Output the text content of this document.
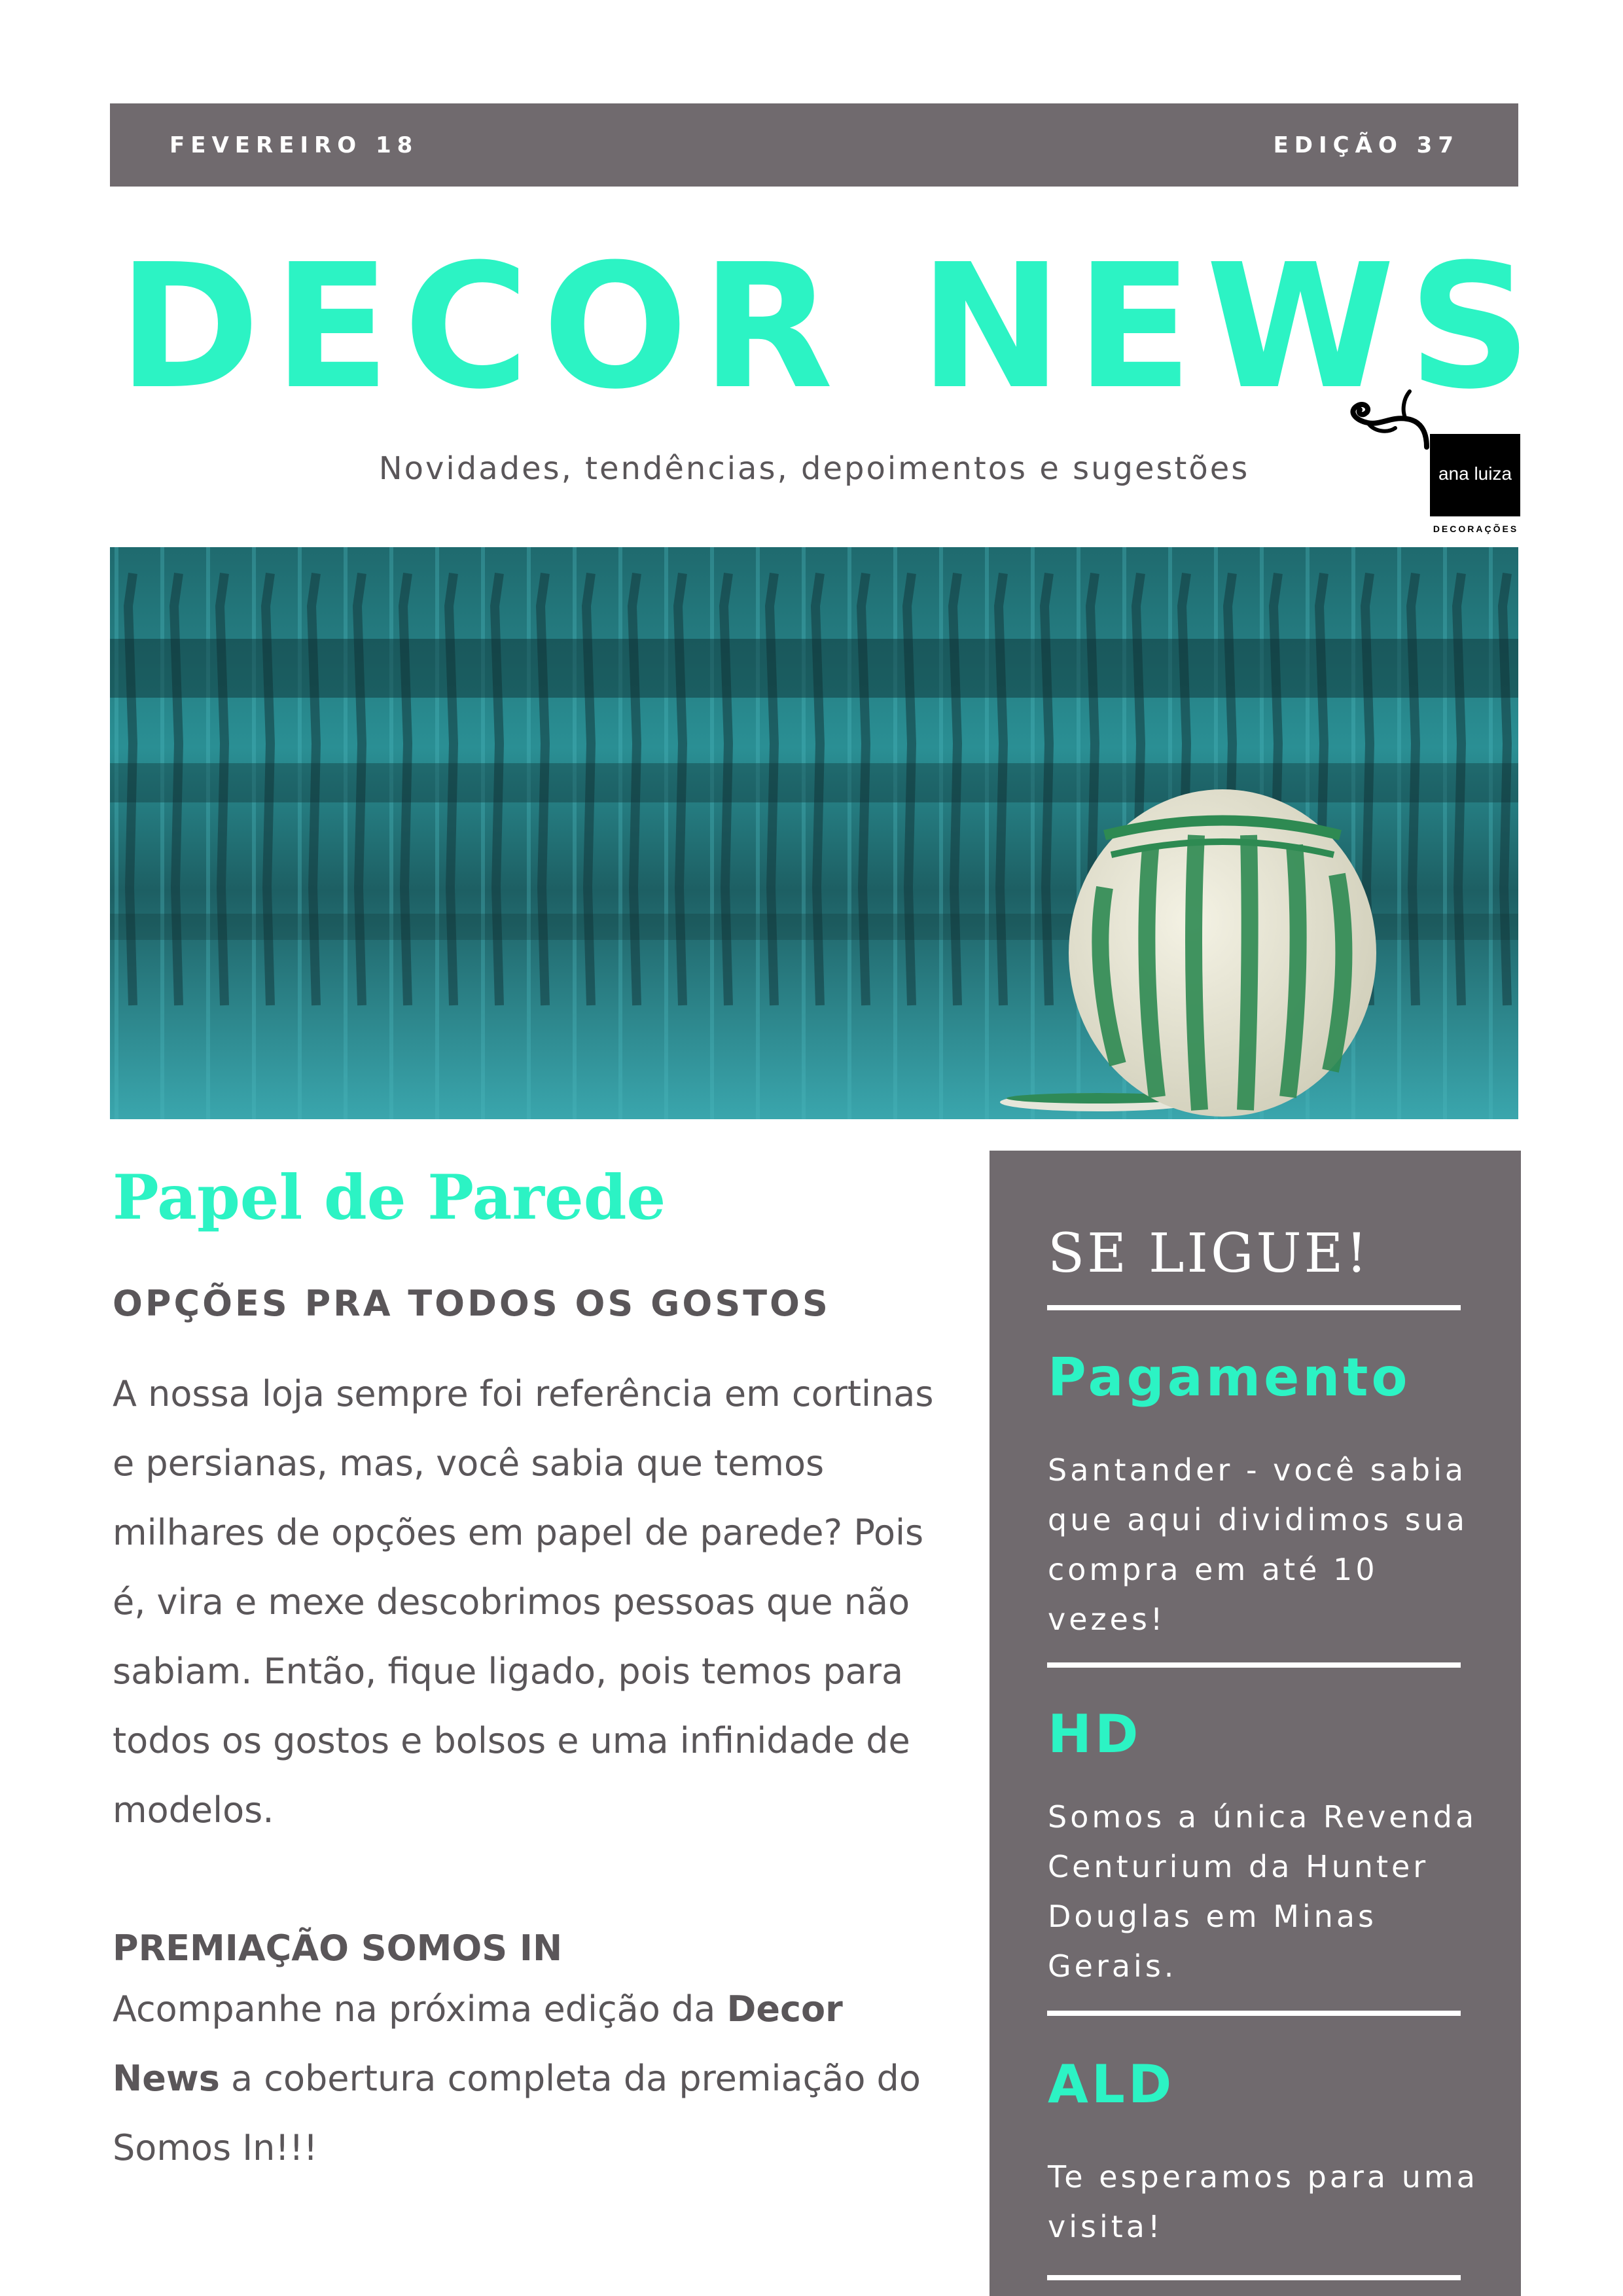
FEVEREIRO 18	EDIÇÃO 37
DECOR NEWS
Novidades, tendências, depoimentos e sugestões	ana luiza
DECORAÇÕES
Papel de Parede
OPÇÕES PRA TODOS OS GOSTOS
A nossa loja sempre foi referência em cortinas e persianas, mas, você sabia que temos milhares de opções em papel de parede? Pois é, vira e mexe descobrimos pessoas que não sabiam. Então, fique ligado, pois temos para todos os gostos e bolsos e uma infinidade de modelos.
PREMIAÇÃO SOMOS IN
Acompanhe na próxima edição da Decor News a cobertura completa da premiação do Somos In!!!
SE LIGUE!
Pagamento
Santander - você sabia que aqui dividimos sua compra em até 10 vezes!
HD
Somos a única Revenda Centurium da Hunter Douglas em Minas Gerais.
ALD
Te esperamos para uma visita!
